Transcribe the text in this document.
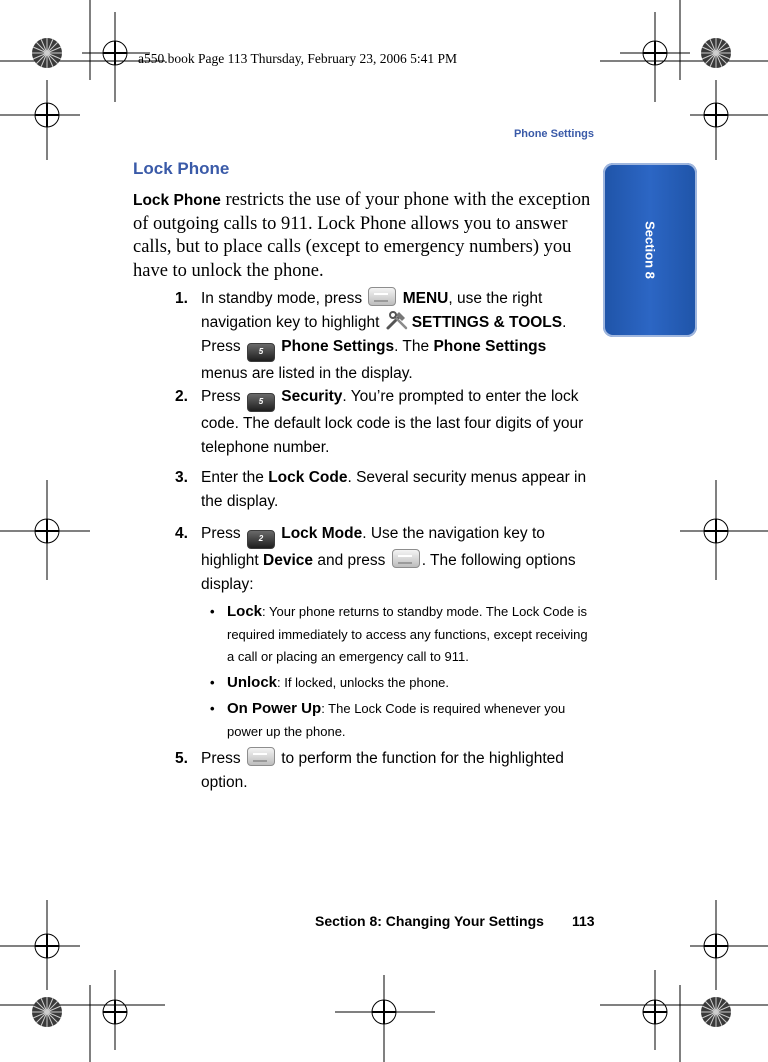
a550.book Page 113 Thursday, February 23, 2006 5:41 PM
Phone Settings
Section 8
Lock Phone
Lock Phone restricts the use of your phone with the exception of outgoing calls to 911. Lock Phone allows you to answer calls, but to place calls (except to emergency numbers) you have to unlock the phone.
1. In standby mode, press  MENU, use the right navigation key to highlight SETTINGS & TOOLS. Press 5 Phone Settings. The Phone Settings menus are listed in the display.
2. Press 5 Security. You’re prompted to enter the lock code. The default lock code is the last four digits of your telephone number.
3. Enter the Lock Code. Several security menus appear in the display.
4. Press 2 Lock Mode. Use the navigation key to highlight Device and press . The following options display:
• Lock: Your phone returns to standby mode. The Lock Code is required immediately to access any functions, except receiving a call or placing an emergency call to 911.
• Unlock: If locked, unlocks the phone.
• On Power Up: The Lock Code is required whenever you power up the phone.
5. Press  to perform the function for the highlighted option.
Section 8: Changing Your Settings 113
